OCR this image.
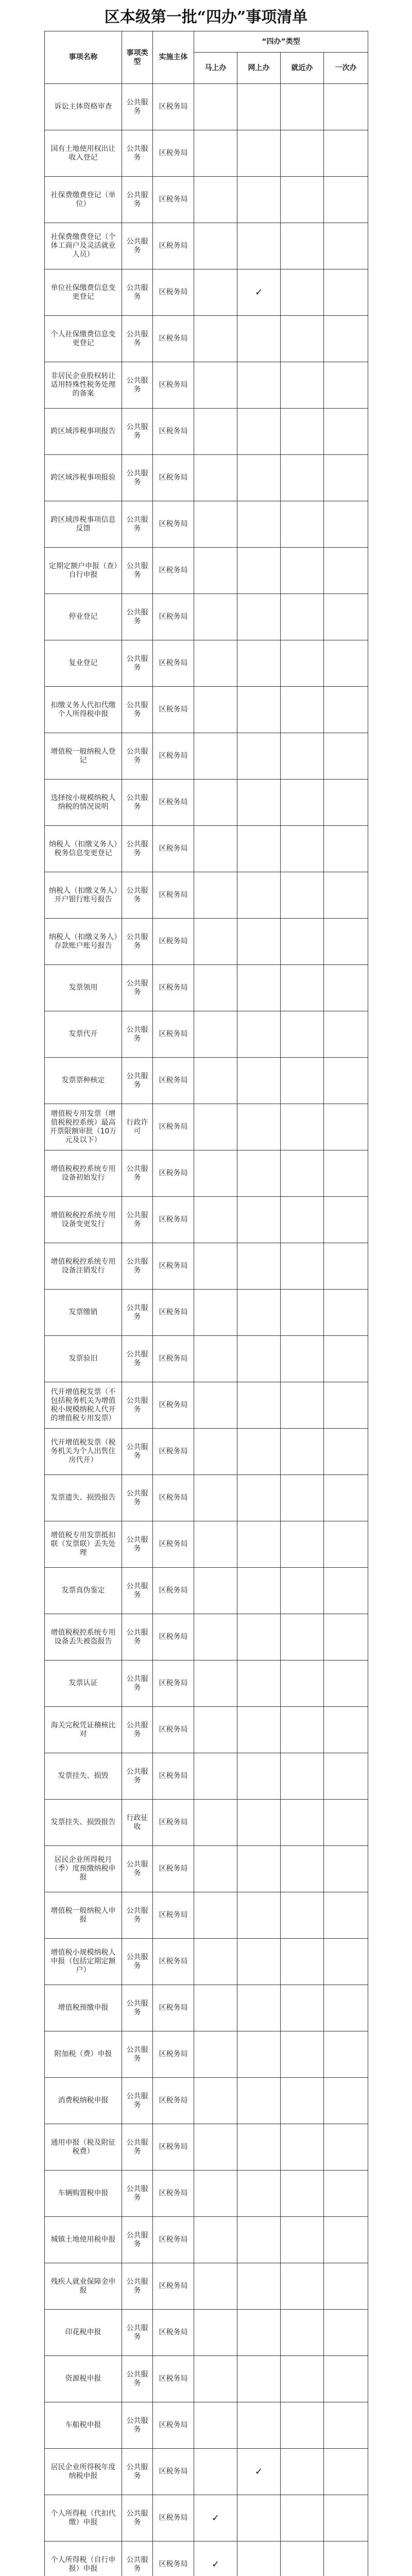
区本级第一批“四办”事项清单
事项名称	事项类型	实施主体	“四办”类型			
			马上办	网上办	就近办	一次办
诉讼主体资格审查	公共服务	区税务局				
国有土地使用权出让收入登记	公共服务	区税务局				
社保费缴费登记（单位）	公共服务	区税务局				
社保费缴费登记（个体工商户及灵活就业人员）	公共服务	区税务局				
单位社保缴费信息变更登记	公共服务	区税务局		✓		
个人社保缴费信息变更登记	公共服务	区税务局				
非居民企业股权转让适用特殊性税务处理的备案	公共服务	区税务局				
跨区域涉税事项报告	公共服务	区税务局				
跨区域涉税事项报验	公共服务	区税务局				
跨区域涉税事项信息反馈	公共服务	区税务局				
定期定额户申报（查）自行申报	公共服务	区税务局				
停业登记	公共服务	区税务局				
复业登记	公共服务	区税务局				
扣缴义务人代扣代缴个人所得税申报	公共服务	区税务局				
增值税一般纳税人登记	公共服务	区税务局				
选择按小规模纳税人纳税的情况说明	公共服务	区税务局				
纳税人（扣缴义务人）税务信息变更登记	公共服务	区税务局				
纳税人（扣缴义务人）开户银行账号报告	公共服务	区税务局				
纳税人（扣缴义务人）存款账户账号报告	公共服务	区税务局				
发票领用	公共服务	区税务局				
发票代开	公共服务	区税务局				
发票票种核定	公共服务	区税务局				
增值税专用发票（增值税税控系统）最高开票限额审批（10万元及以下）	行政许可	区税务局				
增值税税控系统专用设备初始发行	公共服务	区税务局				
增值税税控系统专用设备变更发行	公共服务	区税务局				
增值税税控系统专用设备注销发行	公共服务	区税务局				
发票缴销	公共服务	区税务局				
发票验旧	公共服务	区税务局				
代开增值税发票（不包括税务机关为增值税小规模纳税人代开的增值税专用发票）	公共服务	区税务局				
代开增值税发票（税务机关为个人出售住房代开）	公共服务	区税务局				
发票遗失、损毁报告	公共服务	区税务局				
增值税专用发票抵扣联（发票联）丢失处理	公共服务	区税务局				
发票真伪鉴定	公共服务	区税务局				
增值税税控系统专用设备丢失被盗报告	公共服务	区税务局				
发票认证	公共服务	区税务局				
海关完税凭证稽核比对	公共服务	区税务局				
发票挂失、损毁	公共服务	区税务局				
发票挂失、损毁报告	行政征收	区税务局				
居民企业所得税月（季）度预缴纳税申报	公共服务	区税务局				
增值税一般纳税人申报	公共服务	区税务局				
增值税小规模纳税人申报（包括定期定额户）	公共服务	区税务局				
增值税预缴申报	公共服务	区税务局				
附加税（费）申报	公共服务	区税务局				
消费税纳税申报	公共服务	区税务局				
通用申报（税及附征税费）	公共服务	区税务局				
车辆购置税申报	公共服务	区税务局				
城镇土地使用税申报	公共服务	区税务局				
残疾人就业保障金申报	公共服务	区税务局				
印花税申报	公共服务	区税务局				
资源税申报	公共服务	区税务局				
车船税申报	公共服务	区税务局				
居民企业所得税年度纳税申报	公共服务	区税务局		✓		
个人所得税（代扣代缴）申报	公共服务	区税务局	✓			
个人所得税（自行申报）申报	公共服务	区税务局	✓			
